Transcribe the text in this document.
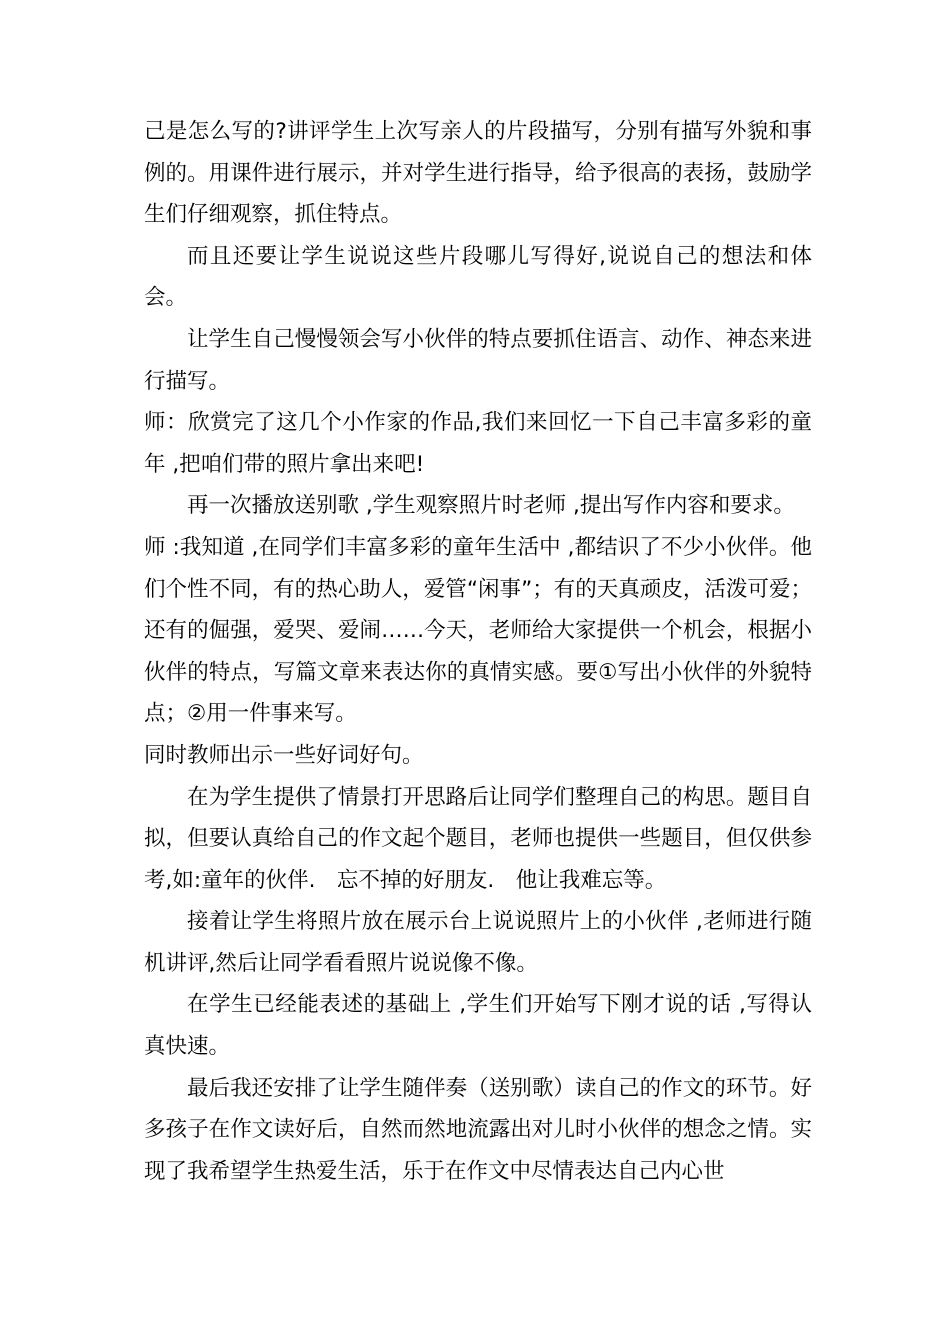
己是怎么写的?讲评学生上次写亲人的片段描写，分别有描写外貌和事例的。用课件进行展示，并对学生进行指导，给予很高的表扬，鼓励学生们仔细观察，抓住特点。

而且还要让学生说说这些片段哪儿写得好,说说自己的想法和体会。

让学生自己慢慢领会写小伙伴的特点要抓住语言、动作、神态来进行描写。

师：欣赏完了这几个小作家的作品,我们来回忆一下自己丰富多彩的童年 ,把咱们带的照片拿出来吧!

再一次播放送别歌 ,学生观察照片时老师 ,提出写作内容和要求。

师 :我知道 ,在同学们丰富多彩的童年生活中 ,都结识了不少小伙伴。他们个性不同，有的热心助人，爱管“闲事”；有的天真顽皮，活泼可爱；还有的倔强，爱哭、爱闹……今天，老师给大家提供一个机会，根据小伙伴的特点，写篇文章来表达你的真情实感。要①写出小伙伴的外貌特点；②用一件事来写。

同时教师出示一些好词好句。

在为学生提供了情景打开思路后让同学们整理自己的构思。题目自拟，但要认真给自己的作文起个题目，老师也提供一些题目，但仅供参考,如:童年的伙伴.　忘不掉的好朋友.　他让我难忘等。

接着让学生将照片放在展示台上说说照片上的小伙伴 ,老师进行随机讲评,然后让同学看看照片说说像不像。

在学生已经能表述的基础上 ,学生们开始写下刚才说的话 ,写得认真快速。

最后我还安排了让学生随伴奏（送别歌）读自己的作文的环节。好多孩子在作文读好后，自然而然地流露出对儿时小伙伴的想念之情。实现了我希望学生热爱生活，乐于在作文中尽情表达自己内心世
